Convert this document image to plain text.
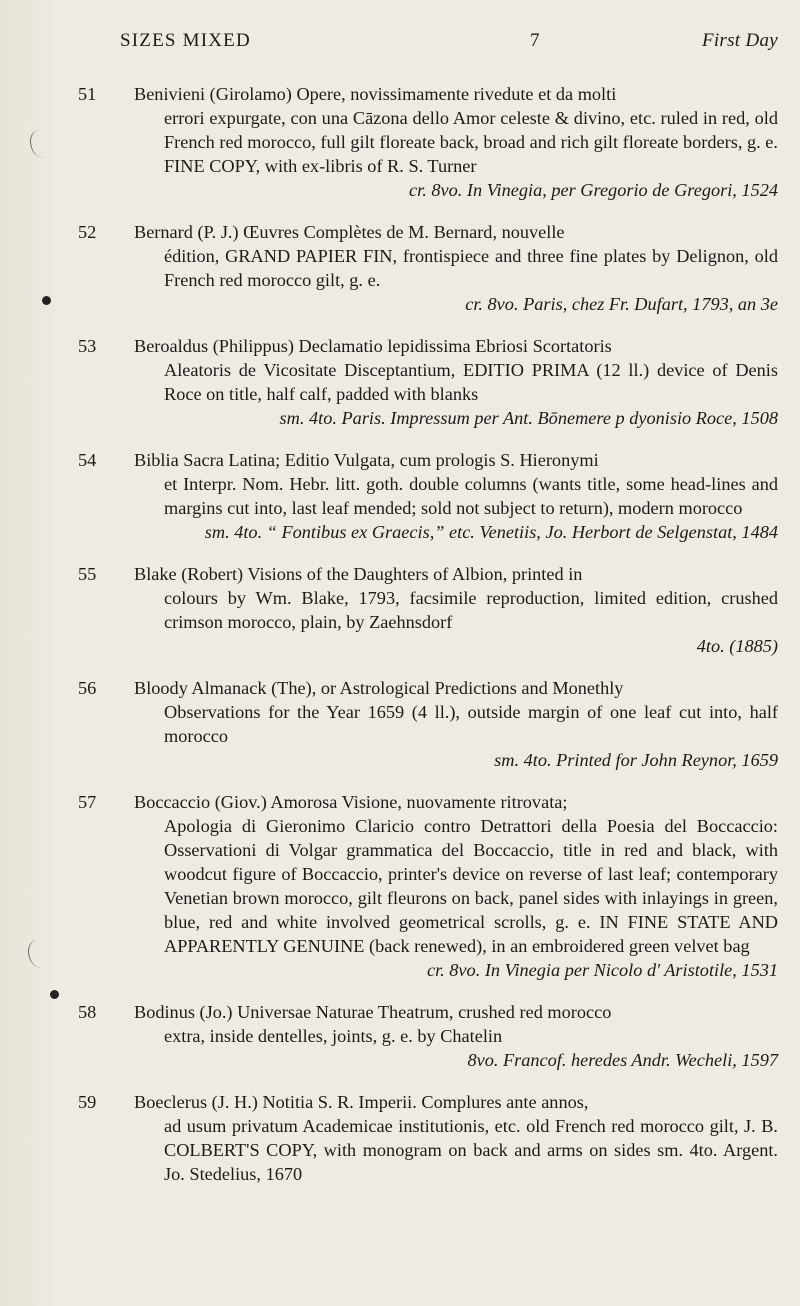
SIZES MIXED	7	First Day
51	Benivieni (Girolamo) Opere, novissimamente rivedute et da molti
errori expurgate, con una Cāzona dello Amor celeste & divino, etc. ruled in red, old French red morocco, full gilt floreate back, broad and rich gilt floreate borders, g. e. FINE COPY, with ex-libris of R. S. Turner
cr. 8vo. In Vinegia, per Gregorio de Gregori, 1524
52	Bernard (P. J.) Œuvres Complètes de M. Bernard, nouvelle
édition, GRAND PAPIER FIN, frontispiece and three fine plates by Delignon, old French red morocco gilt, g. e.
cr. 8vo. Paris, chez Fr. Dufart, 1793, an 3e
53	Beroaldus (Philippus) Declamatio lepidissima Ebriosi Scortatoris
Aleatoris de Vicositate Disceptantium, EDITIO PRIMA (12 ll.) device of Denis Roce on title, half calf, padded with blanks
sm. 4to. Paris. Impressum per Ant. Bōnemere p dyonisio Roce, 1508
54	Biblia Sacra Latina; Editio Vulgata, cum prologis S. Hieronymi
et Interpr. Nom. Hebr. litt. goth. double columns (wants title, some head-lines and margins cut into, last leaf mended; sold not subject to return), modern morocco
sm. 4to. “ Fontibus ex Graecis,” etc. Venetiis, Jo. Herbort de Selgenstat, 1484
55	Blake (Robert) Visions of the Daughters of Albion, printed in
colours by Wm. Blake, 1793, facsimile reproduction, limited edition, crushed crimson morocco, plain, by Zaehnsdorf
4to. (1885)
56	Bloody Almanack (The), or Astrological Predictions and Monethly
Observations for the Year 1659 (4 ll.), outside margin of one leaf cut into, half morocco
sm. 4to. Printed for John Reynor, 1659
57	Boccaccio (Giov.) Amorosa Visione, nuovamente ritrovata;
Apologia di Gieronimo Claricio contro Detrattori della Poesia del Boccaccio: Osservationi di Volgar grammatica del Boccaccio, title in red and black, with woodcut figure of Boccaccio, printer's device on reverse of last leaf; contemporary Venetian brown morocco, gilt fleurons on back, panel sides with inlayings in green, blue, red and white involved geometrical scrolls, g. e. IN FINE STATE AND APPARENTLY GENUINE (back renewed), in an embroidered green velvet bag
cr. 8vo. In Vinegia per Nicolo d' Aristotile, 1531
58	Bodinus (Jo.) Universae Naturae Theatrum, crushed red morocco
extra, inside dentelles, joints, g. e. by Chatelin
8vo. Francof. heredes Andr. Wecheli, 1597
59	Boeclerus (J. H.) Notitia S. R. Imperii. Complures ante annos,
ad usum privatum Academicae institutionis, etc. old French red morocco gilt, J. B. COLBERT'S COPY, with monogram on back and arms on sides sm. 4to. Argent. Jo. Stedelius, 1670
